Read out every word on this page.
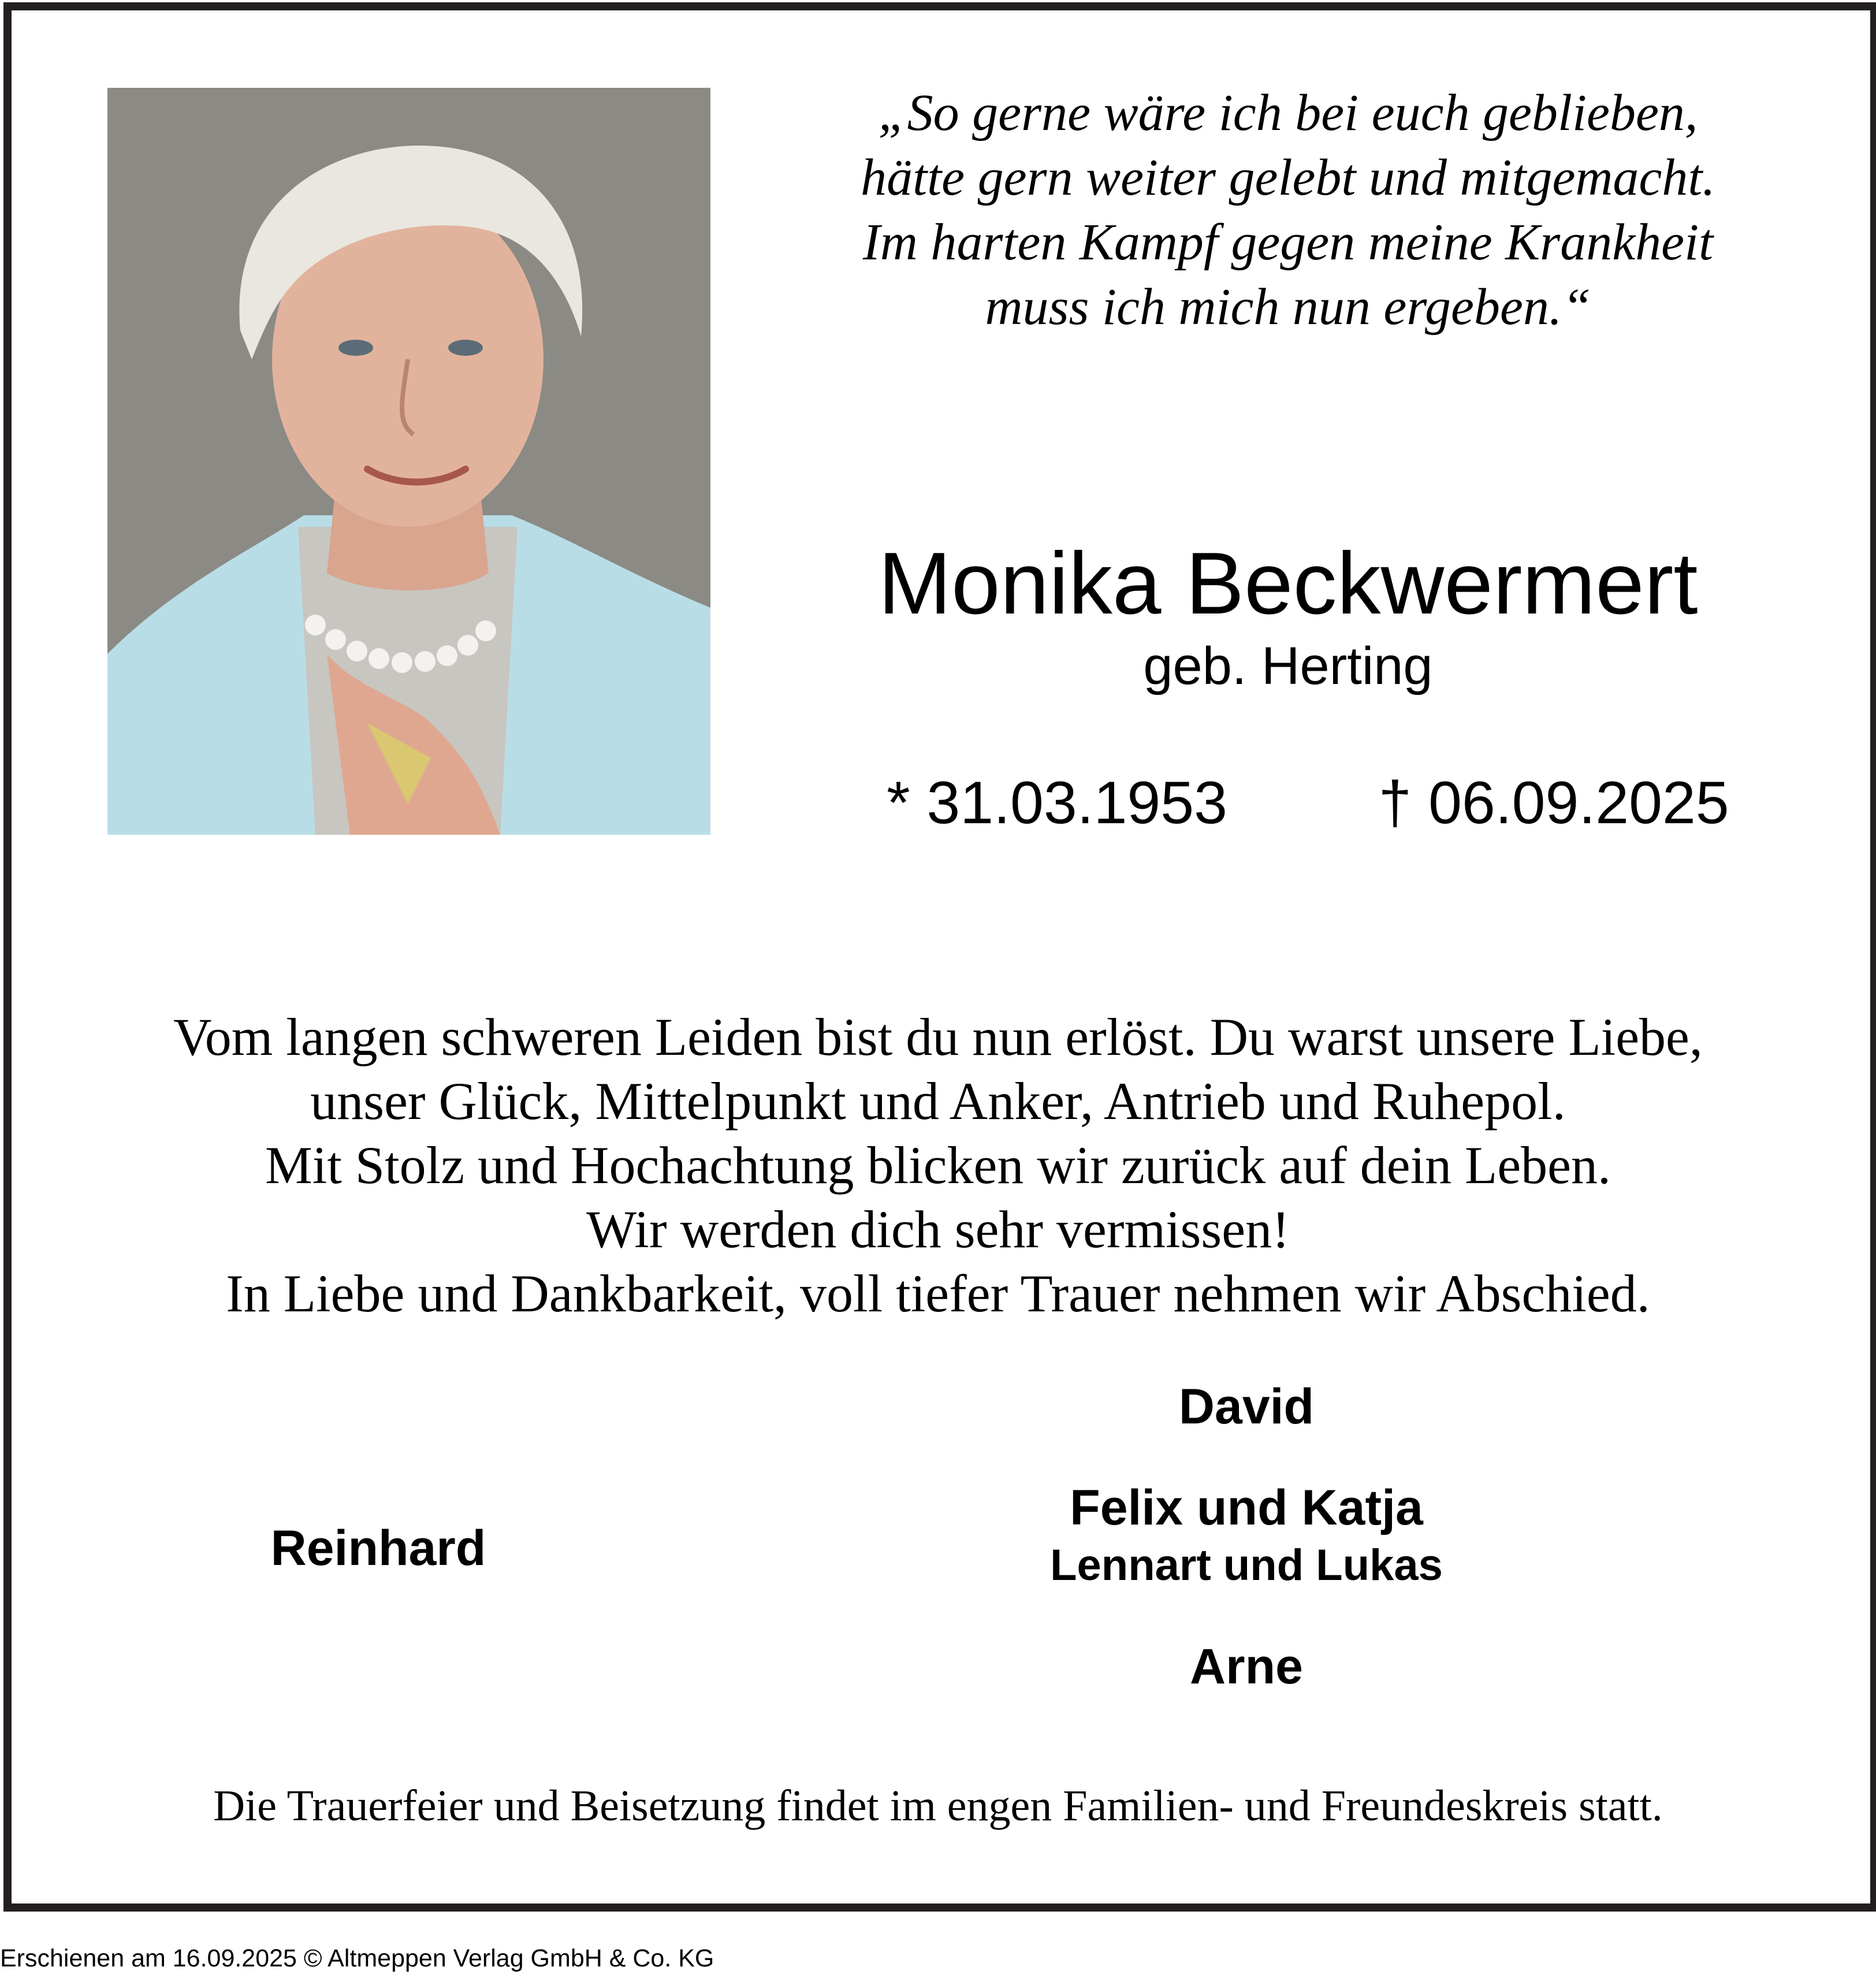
„So gerne wäre ich bei euch geblieben,
hätte gern weiter gelebt und mitgemacht.
Im harten Kampf gegen meine Krankheit
muss ich mich nun ergeben.“
Monika Beckwermert
geb. Herting
* 31.03.1953	† 06.09.2025
Vom langen schweren Leiden bist du nun erlöst. Du warst unsere Liebe,
unser Glück, Mittelpunkt und Anker, Antrieb und Ruhepol.
Mit Stolz und Hochachtung blicken wir zurück auf dein Leben.
Wir werden dich sehr vermissen!
In Liebe und Dankbarkeit, voll tiefer Trauer nehmen wir Abschied.
Reinhard
David
Felix und Katja
Lennart und Lukas
Arne
Die Trauerfeier und Beisetzung findet im engen Familien- und Freundeskreis statt.
Erschienen am 16.09.2025 © Altmeppen Verlag GmbH & Co. KG
